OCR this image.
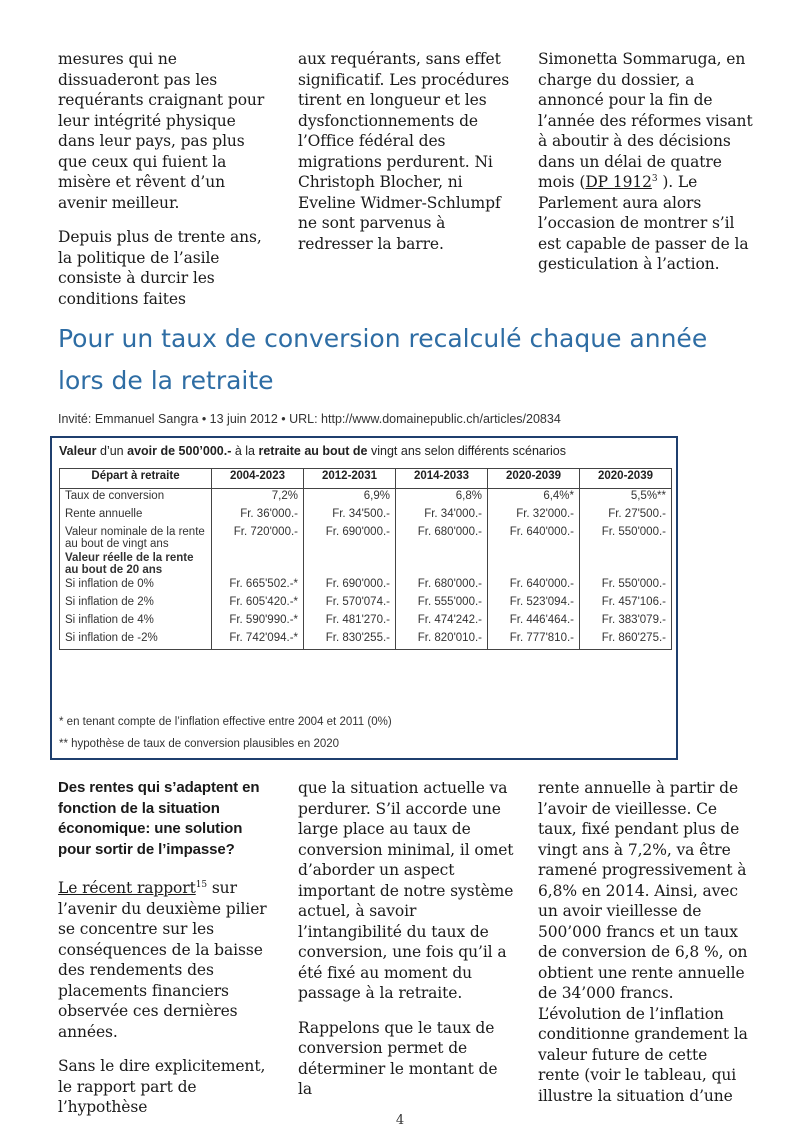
mesures qui ne dissuaderont pas les requérants craignant pour leur intégrité physique dans leur pays, pas plus que ceux qui fuient la misère et rêvent d’un avenir meilleur.

Depuis plus de trente ans, la politique de l’asile consiste à durcir les conditions faites

aux requérants, sans effet significatif. Les procédures tirent en longueur et les dysfonctionnements de l’Office fédéral des migrations perdurent. Ni Christoph Blocher, ni Eveline Widmer-Schlumpf ne sont parvenus à redresser la barre.

Simonetta Sommaruga, en charge du dossier, a annoncé pour la fin de l’année des réformes visant à aboutir à des décisions dans un délai de quatre mois (DP 1912$^3$ ). Le Parlement aura alors l’occasion de montrer s’il est capable de passer de la gesticulation à l’action.

Pour un taux de conversion recalculé chaque année lors de la retraite
Invité: Emmanuel Sangra • 13 juin 2012 • URL: http://www.domainepublic.ch/articles/20834
Valeur d’un avoir de 500’000.- à la retraite au bout de vingt ans selon différents scénarios
Départ à retraite	2004-2023	2012-2031	2014-2033	2020-2039	2020-2039
Taux de conversion	7,2%	6,9%	6,8%	6,4%*	5,5%**
Rente annuelle	Fr. 36'000.-	Fr. 34'500.-	Fr. 34'000.-	Fr. 32'000.-	Fr. 27'500.-
Valeur nominale de la rente au bout de vingt ans	Fr. 720'000.-	Fr. 690'000.-	Fr. 680'000.-	Fr. 640'000.-	Fr. 550'000.-
Valeur réelle de la rente au bout de 20 ans					
Si inflation de 0%	Fr. 665'502.-*	Fr. 690'000.-	Fr. 680'000.-	Fr. 640'000.-	Fr. 550'000.-
Si inflation de 2%	Fr. 605'420.-*	Fr. 570'074.-	Fr. 555'000.-	Fr. 523'094.-	Fr. 457'106.-
Si inflation de 4%	Fr. 590'990.-*	Fr. 481'270.-	Fr. 474'242.-	Fr. 446'464.-	Fr. 383'079.-
Si inflation de -2%	Fr. 742'094.-*	Fr. 830'255.-	Fr. 820'010.-	Fr. 777'810.-	Fr. 860'275.-
* en tenant compte de l’inflation effective entre 2004 et 2011 (0%)
** hypothèse de taux de conversion plausibles en 2020
Des rentes qui s’adaptent en fonction de la situation économique: une solution pour sortir de l’impasse?

Le récent rapport$^{15}$ sur l’avenir du deuxième pilier se concentre sur les conséquences de la baisse des rendements des placements financiers observée ces dernières années.

Sans le dire explicitement, le rapport part de l’hypothèse

que la situation actuelle va perdurer. S’il accorde une large place au taux de conversion minimal, il omet d’aborder un aspect important de notre système actuel, à savoir l’intangibilité du taux de conversion, une fois qu’il a été fixé au moment du passage à la retraite.

Rappelons que le taux de conversion permet de déterminer le montant de la

rente annuelle à partir de l’avoir de vieillesse. Ce taux, fixé pendant plus de vingt ans à 7,2%, va être ramené progressivement à 6,8% en 2014. Ainsi, avec un avoir vieillesse de 500’000 francs et un taux de conversion de 6,8 %, on obtient une rente annuelle de 34’000 francs. L’évolution de l’inflation conditionne grandement la valeur future de cette rente (voir le tableau, qui illustre la situation d’une

4
